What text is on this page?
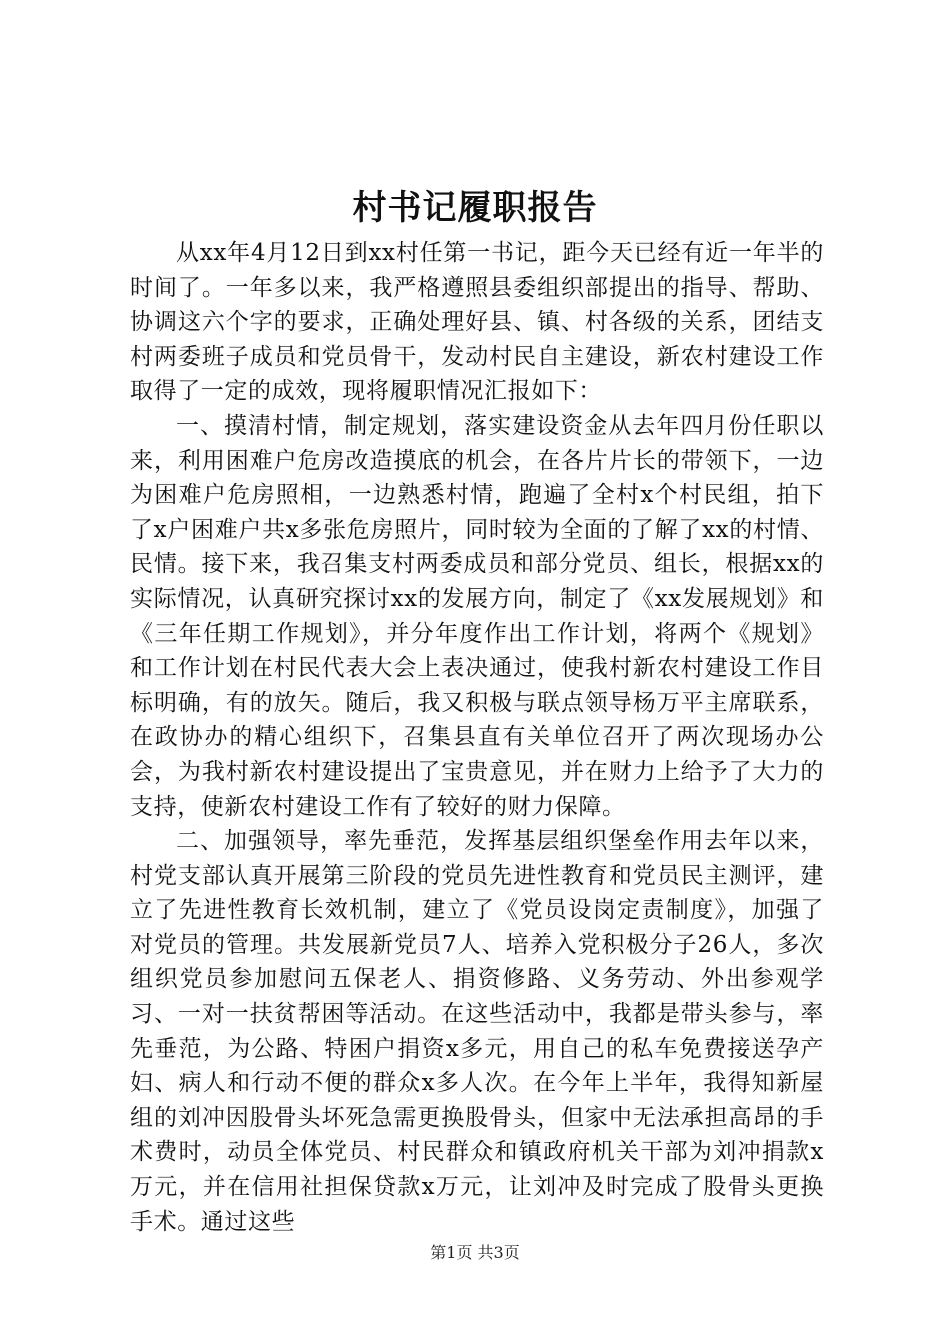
村书记履职报告

从xx年4月12日到xx村任第一书记，距今天已经有近一年半的时间了。一年多以来，我严格遵照县委组织部提出的指导、帮助、协调这六个字的要求，正确处理好县、镇、村各级的关系，团结支村两委班子成员和党员骨干，发动村民自主建设，新农村建设工作取得了一定的成效，现将履职情况汇报如下：

一、摸清村情，制定规划，落实建设资金从去年四月份任职以来，利用困难户危房改造摸底的机会，在各片片长的带领下，一边为困难户危房照相，一边熟悉村情，跑遍了全村x个村民组，拍下了x户困难户共x多张危房照片，同时较为全面的了解了xx的村情、民情。接下来，我召集支村两委成员和部分党员、组长，根据xx的实际情况，认真研究探讨xx的发展方向，制定了《xx发展规划》和《三年任期工作规划》，并分年度作出工作计划，将两个《规划》和工作计划在村民代表大会上表决通过，使我村新农村建设工作目标明确，有的放矢。随后，我又积极与联点领导杨万平主席联系，在政协办的精心组织下，召集县直有关单位召开了两次现场办公会，为我村新农村建设提出了宝贵意见，并在财力上给予了大力的支持，使新农村建设工作有了较好的财力保障。

二、加强领导，率先垂范，发挥基层组织堡垒作用去年以来，村党支部认真开展第三阶段的党员先进性教育和党员民主测评，建立了先进性教育长效机制，建立了《党员设岗定责制度》，加强了对党员的管理。共发展新党员7人、培养入党积极分子26人，多次组织党员参加慰问五保老人、捐资修路、义务劳动、外出参观学习、一对一扶贫帮困等活动。在这些活动中，我都是带头参与，率先垂范，为公路、特困户捐资x多元，用自己的私车免费接送孕产妇、病人和行动不便的群众x多人次。在今年上半年，我得知新屋组的刘冲因股骨头坏死急需更换股骨头，但家中无法承担高昂的手术费时，动员全体党员、村民群众和镇政府机关干部为刘冲捐款x万元，并在信用社担保贷款x万元，让刘冲及时完成了股骨头更换手术。通过这些

第1页 共3页
